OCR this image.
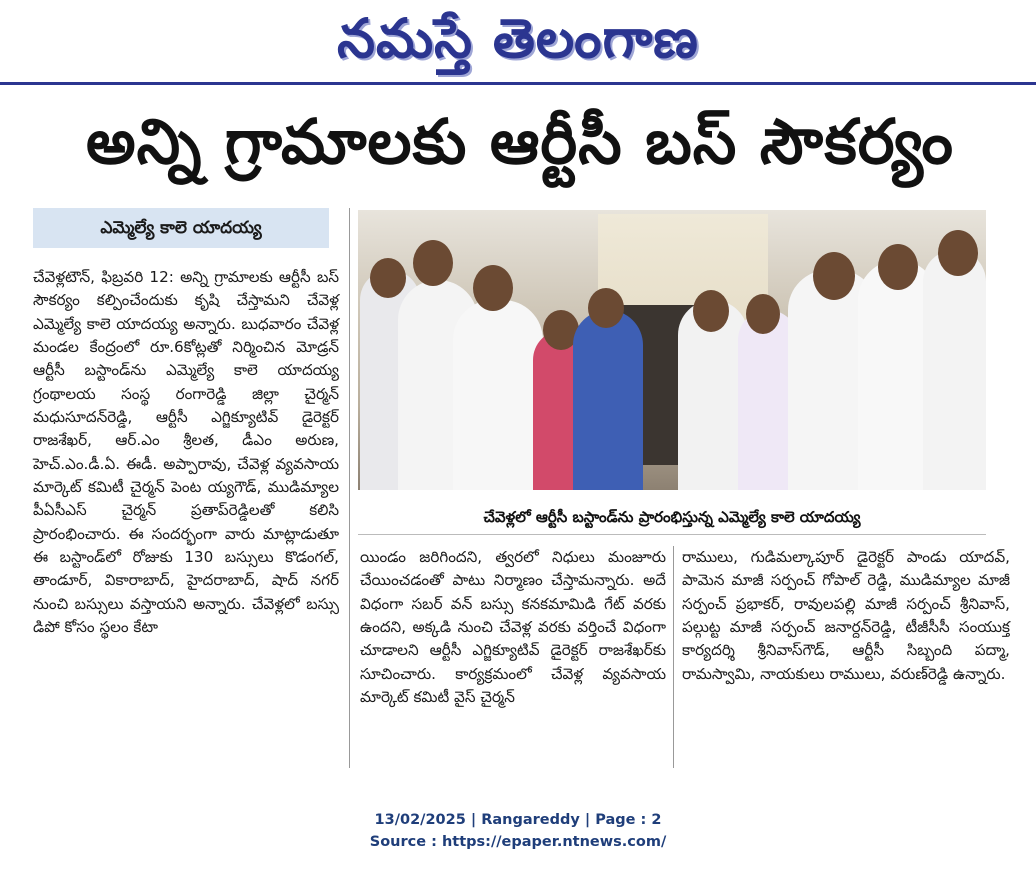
నమస్తే తెలంగాణ
అన్ని గ్రామాలకు ఆర్టీసీ బస్ సౌకర్యం
ఎమ్మెల్యే కాలె యాదయ్య

చేవెళ్లటౌన్, ఫిబ్రవరి 12: అన్ని గ్రామాలకు ఆర్టీసీ బస్ సౌకర్యం కల్పించేందుకు కృషి చేస్తామని చేవెళ్ల ఎమ్మెల్యే కాలె యాదయ్య అన్నారు. బుధవారం చేవెళ్ల మండల కేంద్రంలో రూ.6కోట్లతో నిర్మించిన మోడ్రన్ ఆర్టీసీ బస్టాండ్‌ను ఎమ్మెల్యే కాలె యాదయ్య గ్రంథాలయ సంస్థ రంగారెడ్డి జిల్లా చైర్మన్ మధుసూదన్‌రెడ్డి, ఆర్టీసీ ఎగ్జిక్యూటివ్ డైరెక్టర్ రాజశేఖర్, ఆర్.ఎం శ్రీలత, డీఎం అరుణ, హెచ్.ఎం.డీ.ఏ. ఈడీ. అప్పారావు, చేవెళ్ల వ్యవసాయ మార్కెట్ కమిటీ చైర్మన్ పెంట య్యగౌడ్, ముడిమ్యాల పీఏసీఎస్ చైర్మన్ ప్రతాప్‌రెడ్డిలతో కలిసి ప్రారంభించారు. ఈ సందర్భంగా వారు మాట్లాడుతూ ఈ బస్టాండ్‌లో రోజుకు 130 బస్సులు కొడంగల్, తాండూర్, వికారాబాద్, హైదరాబాద్, షాద్ నగర్ నుంచి బస్సులు వస్తాయని అన్నారు. చేవెళ్లలో బస్సు డిపో కోసం స్థలం కేటా

చేవెళ్లలో ఆర్టీసీ బస్టాండ్‌ను ప్రారంభిస్తున్న ఎమ్మెల్యే కాలె యాదయ్య

యిండం జరిగిందని, త్వరలో నిధులు మంజూరు చేయించడంతో పాటు నిర్మాణం చేస్తామన్నారు. అదే విధంగా సబర్ వన్ బస్సు కనకమామిడి గేట్ వరకు ఉందని, అక్కడి నుంచి చేవెళ్ల వరకు వర్తించే విధంగా చూడాలని ఆర్టీసీ ఎగ్జిక్యూటివ్ డైరెక్టర్ రాజశేఖర్‌కు సూచించారు. కార్యక్రమంలో చేవెళ్ల వ్యవసాయ మార్కెట్ కమిటీ వైస్ చైర్మన్

రాములు, గుడిమల్కాపూర్ డైరెక్టర్ పాండు యాదవ్, పామెన మాజీ సర్పంచ్ గోపాల్ రెడ్డి, ముడిమ్యాల మాజీ సర్పంచ్ ప్రభాకర్, రావులపల్లి మాజీ సర్పంచ్ శ్రీనివాస్, పల్గుట్ట మాజీ సర్పంచ్ జనార్దన్‌రెడ్డి, టీజీసీసీ సంయుక్త కార్యదర్శి శ్రీనివాస్‌గౌడ్, ఆర్టీసీ సిబ్బంది పద్మా, రామస్వామి, నాయకులు రాములు, వరుణ్‌రెడ్డి ఉన్నారు.

13/02/2025 | Rangareddy | Page : 2
Source : https://epaper.ntnews.com/
